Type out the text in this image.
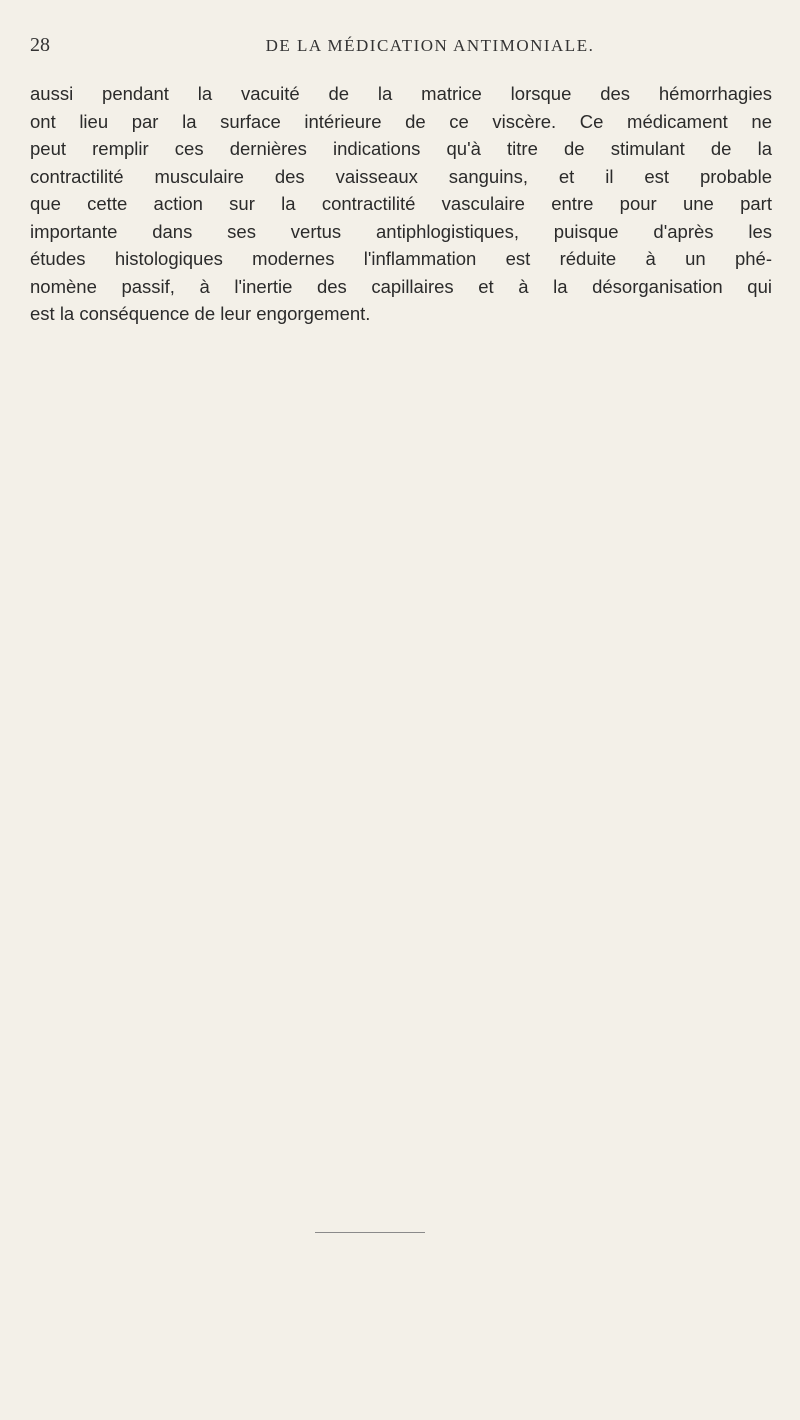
28	DE LA MÉDICATION ANTIMONIALE.
aussi pendant la vacuité de la matrice lorsque des hémorrhagies
ont lieu par la surface intérieure de ce viscère. Ce médicament ne
peut remplir ces dernières indications qu'à titre de stimulant de la
contractilité musculaire des vaisseaux sanguins, et il est probable
que cette action sur la contractilité vasculaire entre pour une part
importante dans ses vertus antiphlogistiques, puisque d'après les
études histologiques modernes l'inflammation est réduite à un phé-
nomène passif, à l'inertie des capillaires et à la désorganisation qui
est la conséquence de leur engorgement.
